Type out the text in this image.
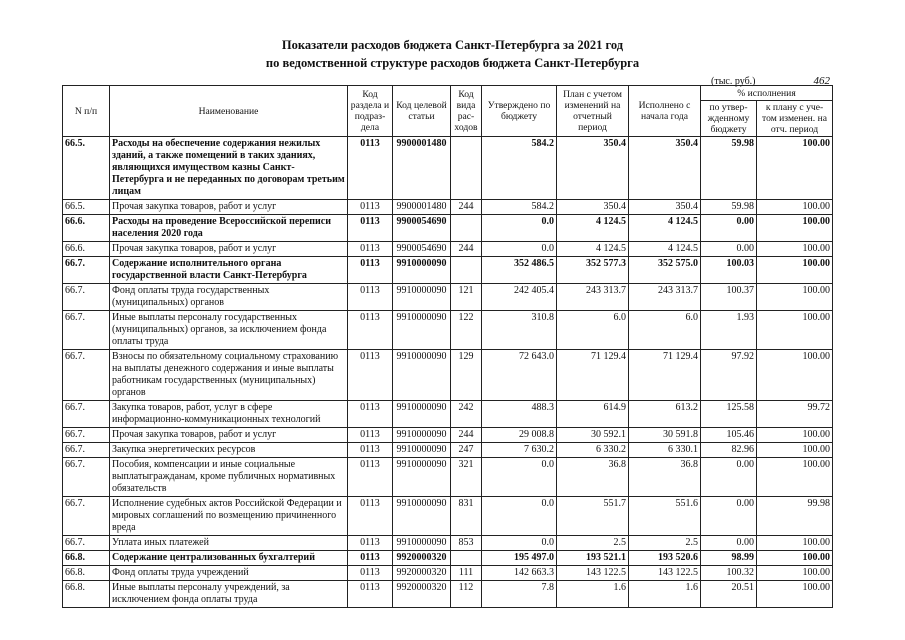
Показатели расходов бюджета Санкт-Петербурга за 2021 год
по ведомственной структуре расходов бюджета Санкт-Петербурга
(тыс. руб.)	462
N п/п	Наименование	Код раздела и подраз-дела	Код целевой статьи	Код вида рас-ходов	Утверждено по бюджету	План с учетом изменений на отчетный период	Исполнено с начала года	% исполнения	
								по утвер-жденному бюджету	к плану с уче-том изменен. на отч. период
66.5.	Расходы на обеспечение содержания нежилых зданий, а также помещений в таких зданиях, являющихся имуществом казны Санкт-Петербурга и не переданных по договорам третьим лицам	0113	9900001480		584.2	350.4	350.4	59.98	100.00
66.5.	Прочая закупка товаров, работ и услуг	0113	9900001480	244	584.2	350.4	350.4	59.98	100.00
66.6.	Расходы на проведение Всероссийской переписи населения 2020 года	0113	9900054690		0.0	4 124.5	4 124.5	0.00	100.00
66.6.	Прочая закупка товаров, работ и услуг	0113	9900054690	244	0.0	4 124.5	4 124.5	0.00	100.00
66.7.	Содержание исполнительного органа государственной власти Санкт-Петербурга	0113	9910000090		352 486.5	352 577.3	352 575.0	100.03	100.00
66.7.	Фонд оплаты труда государственных (муниципальных) органов	0113	9910000090	121	242 405.4	243 313.7	243 313.7	100.37	100.00
66.7.	Иные выплаты персоналу государственных (муниципальных) органов, за исключением фонда оплаты труда	0113	9910000090	122	310.8	6.0	6.0	1.93	100.00
66.7.	Взносы по обязательному социальному страхованию на выплаты денежного содержания и иные выплаты работникам государственных (муниципальных) органов	0113	9910000090	129	72 643.0	71 129.4	71 129.4	97.92	100.00
66.7.	Закупка товаров, работ, услуг в сфере информационно-коммуникационных технологий	0113	9910000090	242	488.3	614.9	613.2	125.58	99.72
66.7.	Прочая закупка товаров, работ и услуг	0113	9910000090	244	29 008.8	30 592.1	30 591.8	105.46	100.00
66.7.	Закупка энергетических ресурсов	0113	9910000090	247	7 630.2	6 330.2	6 330.1	82.96	100.00
66.7.	Пособия, компенсации и иные социальные выплатыгражданам, кроме публичных нормативных обязательств	0113	9910000090	321	0.0	36.8	36.8	0.00	100.00
66.7.	Исполнение судебных актов Российской Федерации и мировых соглашений по возмещению причиненного вреда	0113	9910000090	831	0.0	551.7	551.6	0.00	99.98
66.7.	Уплата иных платежей	0113	9910000090	853	0.0	2.5	2.5	0.00	100.00
66.8.	Содержание централизованных бухгалтерий	0113	9920000320		195 497.0	193 521.1	193 520.6	98.99	100.00
66.8.	Фонд оплаты труда учреждений	0113	9920000320	111	142 663.3	143 122.5	143 122.5	100.32	100.00
66.8.	Иные выплаты персоналу учреждений, за исключением фонда оплаты труда	0113	9920000320	112	7.8	1.6	1.6	20.51	100.00
